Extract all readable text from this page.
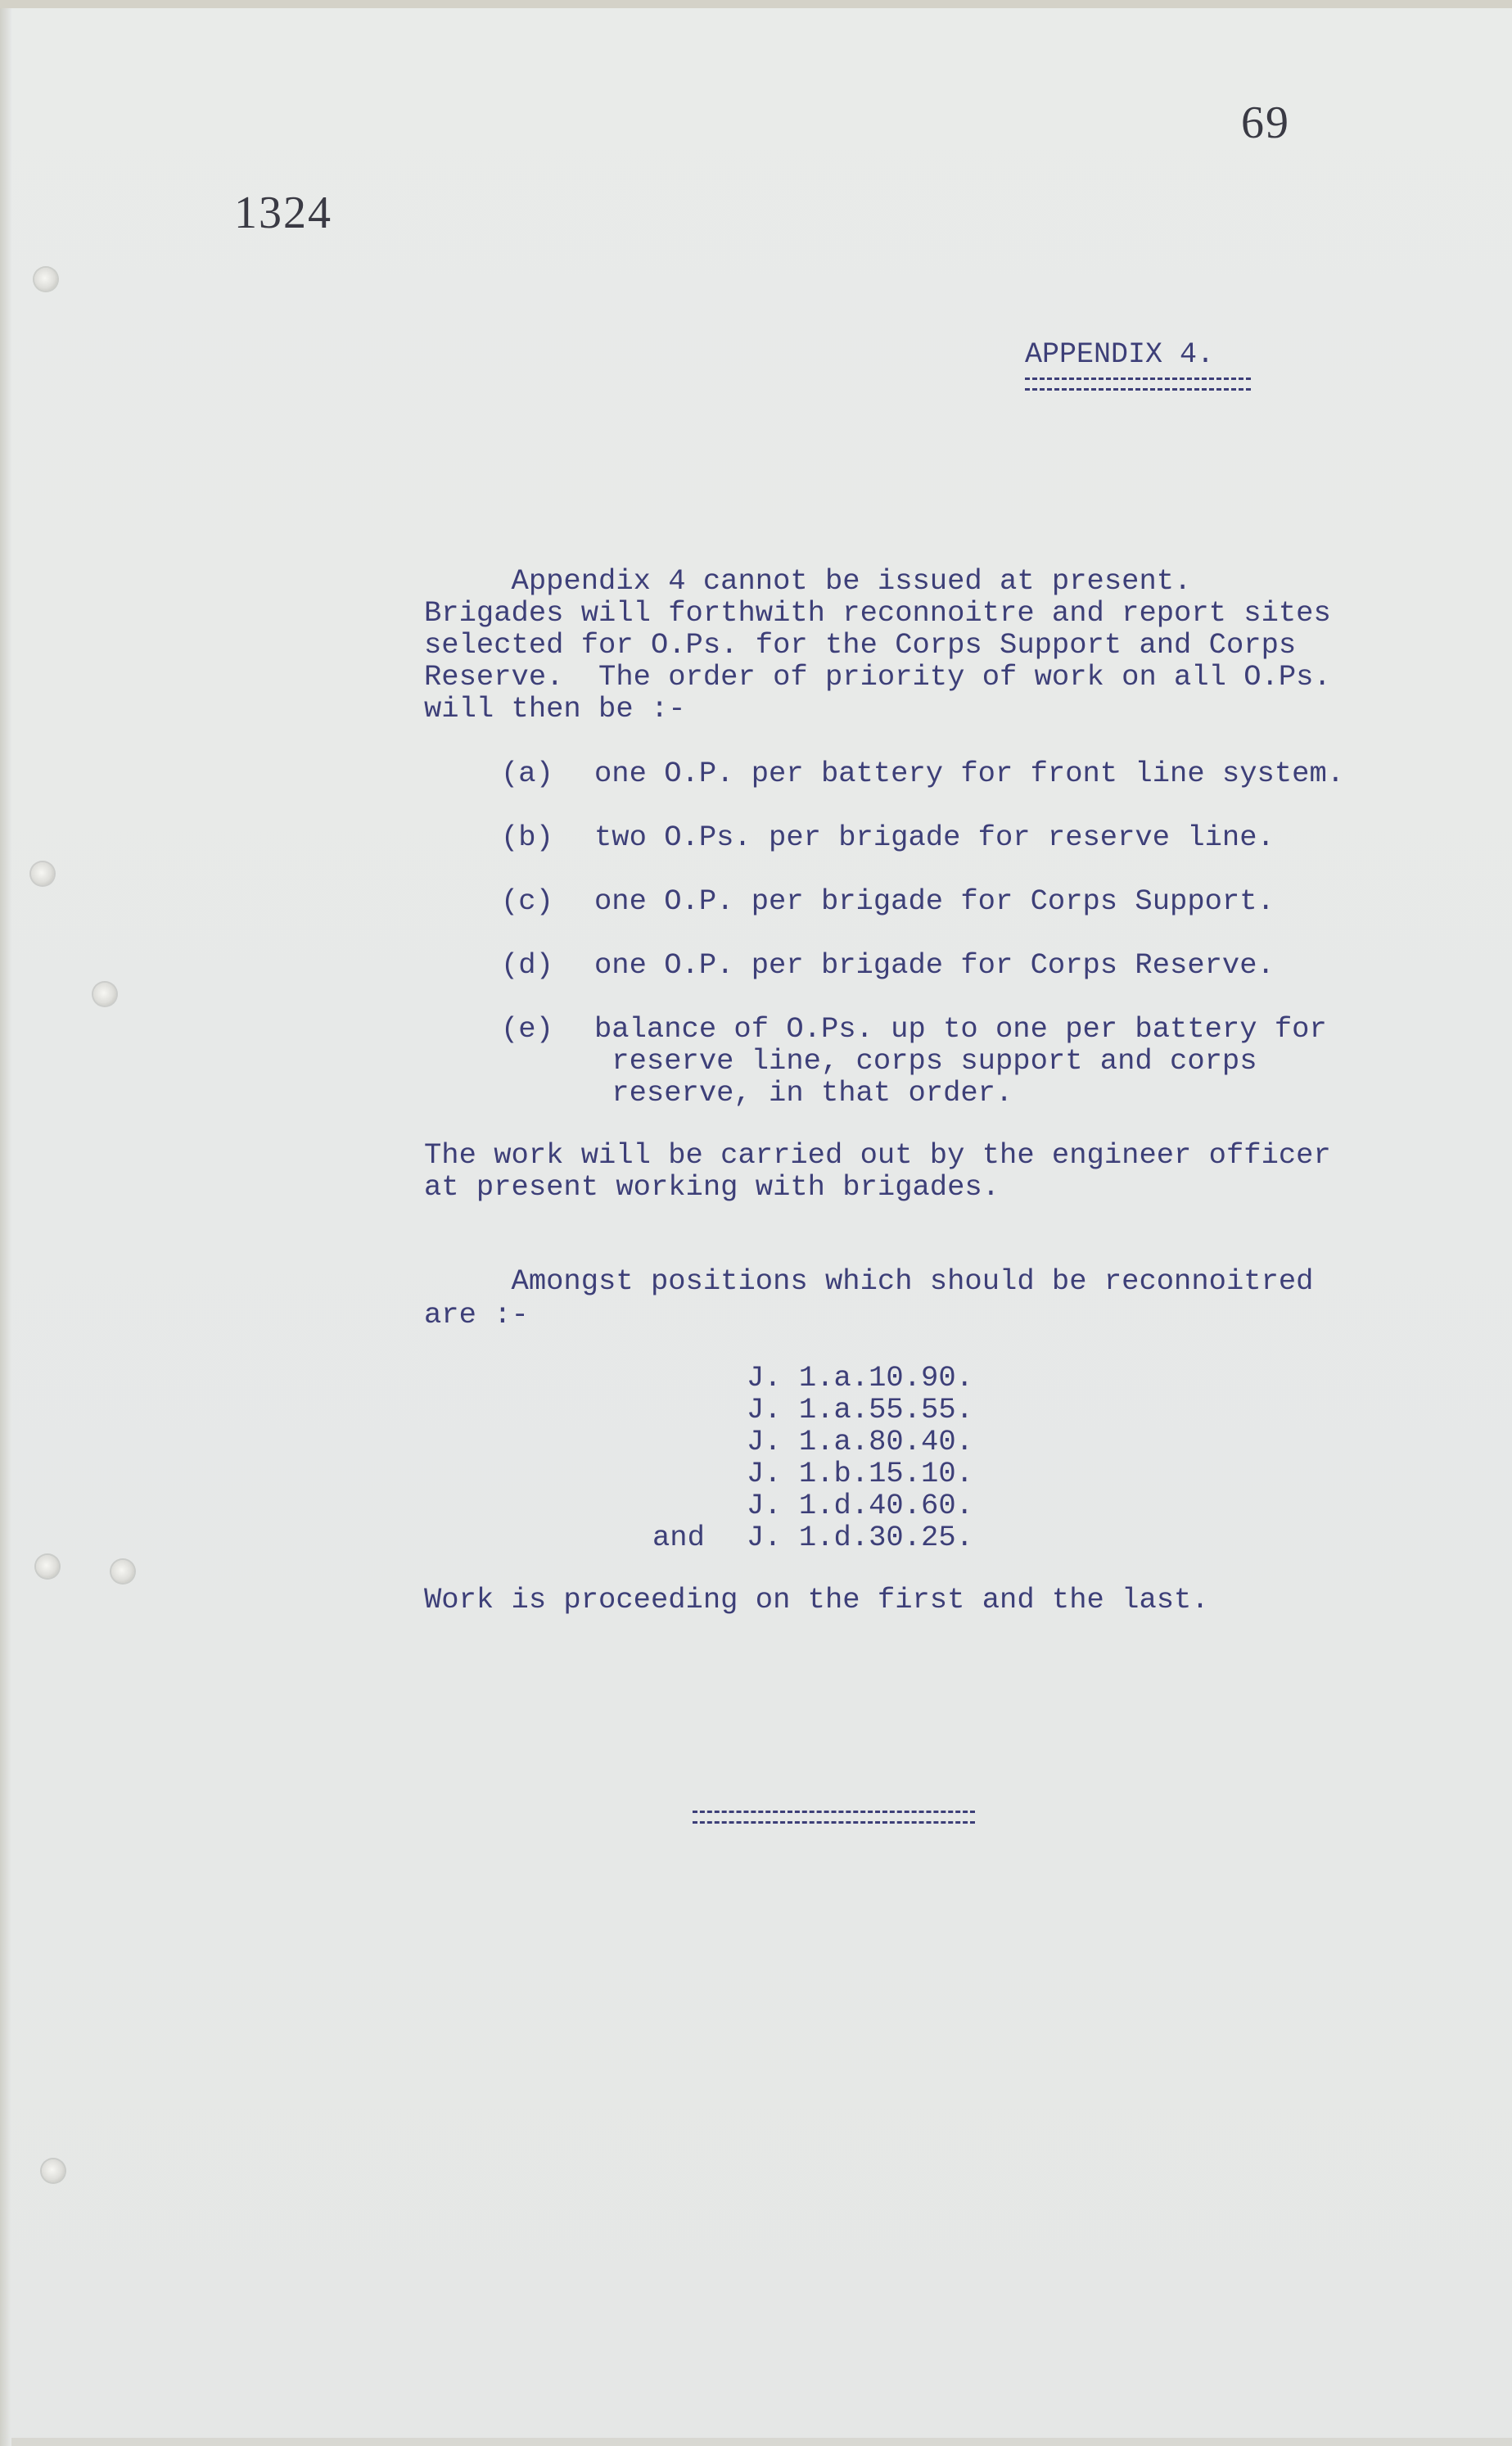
69
1324
APPENDIX 4.
Appendix 4 cannot be issued at present.
Brigades will forthwith reconnoitre and report sites
selected for O.Ps. for the Corps Support and Corps
Reserve.  The order of priority of work on all O.Ps.
will then be :-
(a) one O.P. per battery for front line system.
(b) two O.Ps. per brigade for reserve line.
(c) one O.P. per brigade for Corps Support.
(d) one O.P. per brigade for Corps Reserve.
(e) balance of O.Ps. up to one per battery for
reserve line, corps support and corps
reserve, in that order.
The work will be carried out by the engineer officer
at present working with brigades.
Amongst positions which should be reconnoitred
are :-
J. 1.a.10.90.
J. 1.a.55.55.
J. 1.a.80.40.
J. 1.b.15.10.
J. 1.d.40.60.
and J. 1.d.30.25.
Work is proceeding on the first and the last.
